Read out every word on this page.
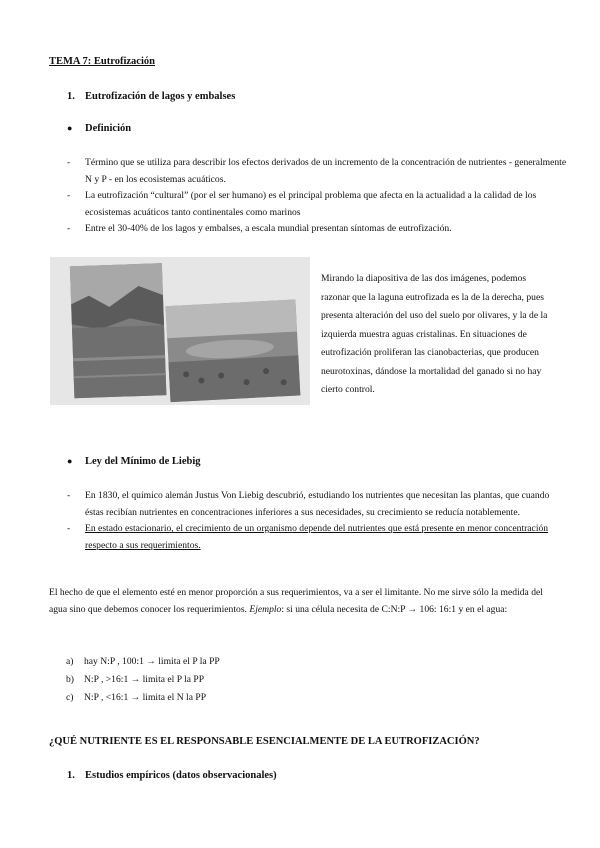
TEMA 7: Eutrofización
1. Eutrofización de lagos y embalses
● Definición
- Término que se utiliza para describir los efectos derivados de un incremento de la concentración de nutrientes - generalmente N y P - en los ecosistemas acuáticos.
- La eutrofización “cultural” (por el ser humano) es el principal problema que afecta en la actualidad a la calidad de los ecosistemas acuáticos tanto continentales como marinos
- Entre el 30-40% de los lagos y embalses, a escala mundial presentan síntomas de eutrofización.
Mirando la diapositiva de las dos imágenes, podemos razonar que la laguna eutrofizada es la de la derecha, pues presenta alteración del uso del suelo por olivares, y la de la izquierda muestra aguas cristalinas. En situaciones de eutrofización proliferan las cianobacterias, que producen neurotoxinas, dándose la mortalidad del ganado si no hay cierto control.
● Ley del Mínimo de Liebig
- En 1830, el químico alemán Justus Von Liebig descubrió, estudiando los nutrientes que necesitan las plantas, que cuando éstas recibían nutrientes en concentraciones inferiores a sus necesidades, su crecimiento se reducía notablemente.
- En estado estacionario, el crecimiento de un organismo depende del nutrientes que está presente en menor concentración respecto a sus requerimientos.
El hecho de que el elemento esté en menor proporción a sus requerimientos, va a ser el limitante. No me sirve sólo la medida del agua sino que debemos conocer los requerimientos. Ejemplo: si una célula necesita de C:N:P → 106: 16:1 y en el agua:
a) hay N:P , 100:1 → limita el P la PP
b) N:P , >16:1 → limita el P la PP
c) N:P , <16:1 → limita el N la PP
¿QUÉ NUTRIENTE ES EL RESPONSABLE ESENCIALMENTE DE LA EUTROFIZACIÓN?
1. Estudios empíricos (datos observacionales)
